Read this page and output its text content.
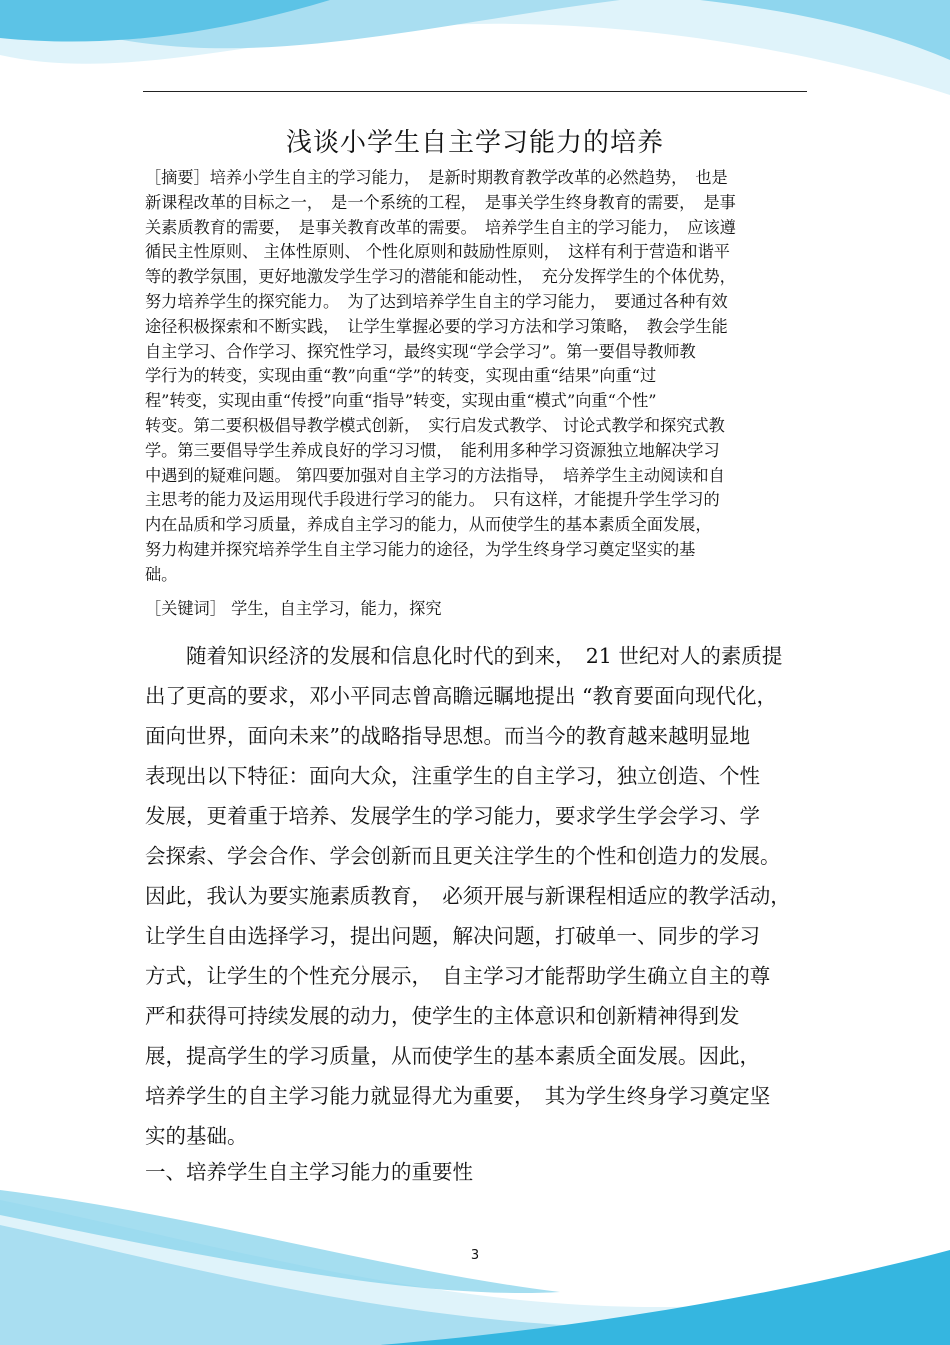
浅谈小学生自主学习能力的培养
［摘要］培养小学生自主的学习能力，　是新时期教育教学改革的必然趋势，　也是
新课程改革的目标之一，　是一个系统的工程，　是事关学生终身教育的需要，　是事
关素质教育的需要，　是事关教育改革的需要。　培养学生自主的学习能力，　应该遵
循民主性原则、 主体性原则、 个性化原则和鼓励性原则，　这样有利于营造和谐平
等的教学氛围，更好地激发学生学习的潜能和能动性，　充分发挥学生的个体优势，
努力培养学生的探究能力。　为了达到培养学生自主的学习能力，　要通过各种有效
途径积极探索和不断实践，　让学生掌握必要的学习方法和学习策略，　教会学生能
自主学习、合作学习、探究性学习，最终实现“学会学习”。第一要倡导教师教
学行为的转变，实现由重“教”向重“学”的转变，实现由重“结果”向重“过
程”转变，实现由重“传授”向重“指导”转变，实现由重“模式”向重“个性”
转变。第二要积极倡导教学模式创新，　实行启发式教学、 讨论式教学和探究式教
学。第三要倡导学生养成良好的学习习惯，　能利用多种学习资源独立地解决学习
中遇到的疑难问题。 第四要加强对自主学习的方法指导，　培养学生主动阅读和自
主思考的能力及运用现代手段进行学习的能力。　只有这样，才能提升学生学习的
内在品质和学习质量，养成自主学习的能力，从而使学生的基本素质全面发展，
努力构建并探究培养学生自主学习能力的途径，为学生终身学习奠定坚实的基
础。

［关键词］ 学生，自主学习，能力，探究

　　随着知识经济的发展和信息化时代的到来，　21 世纪对人的素质提
出了更高的要求，邓小平同志曾高瞻远瞩地提出 “教育要面向现代化，
面向世界，面向未来”的战略指导思想。而当今的教育越来越明显地
表现出以下特征：面向大众，注重学生的自主学习，独立创造、个性
发展，更着重于培养、发展学生的学习能力，要求学生学会学习、学
会探索、学会合作、学会创新而且更关注学生的个性和创造力的发展。
因此，我认为要实施素质教育，　必须开展与新课程相适应的教学活动，
让学生自由选择学习，提出问题，解决问题，打破单一、同步的学习
方式，让学生的个性充分展示，　自主学习才能帮助学生确立自主的尊
严和获得可持续发展的动力，使学生的主体意识和创新精神得到发
展，提高学生的学习质量，从而使学生的基本素质全面发展。因此，
培养学生的自主学习能力就显得尤为重要，　其为学生终身学习奠定坚
实的基础。
一、培养学生自主学习能力的重要性
3
